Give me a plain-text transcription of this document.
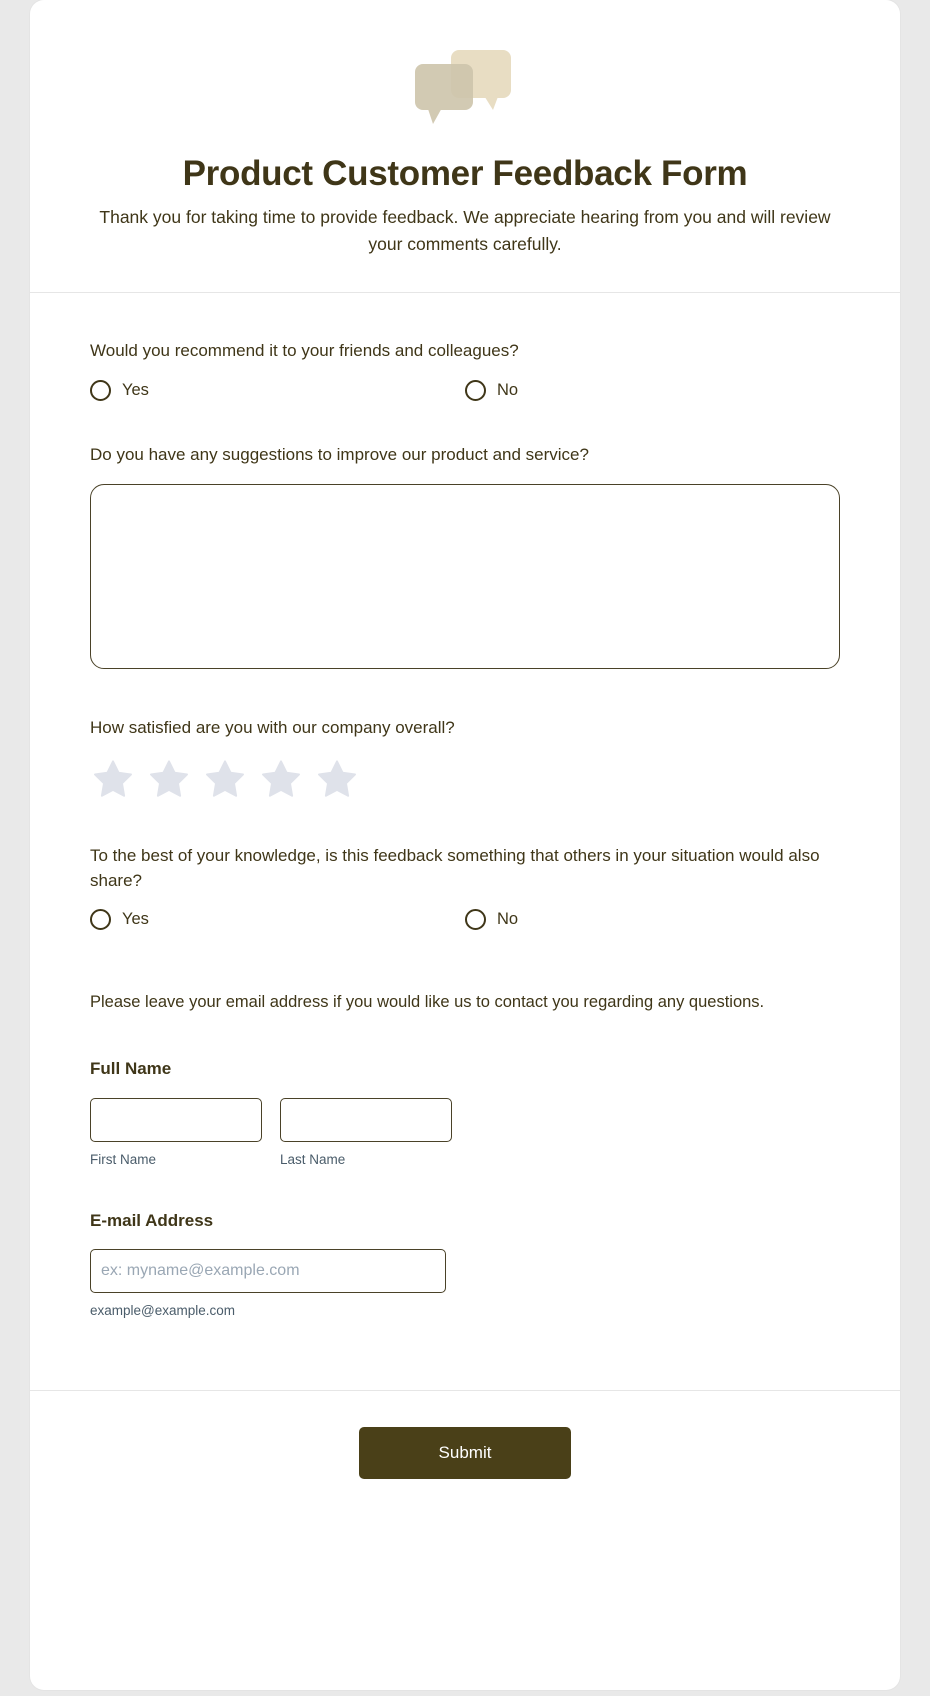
Product Customer Feedback Form

Thank you for taking time to provide feedback. We appreciate hearing from you and will review your comments carefully.

Would you recommend it to your friends and colleagues?
Yes	No
Do you have any suggestions to improve our product and service?
How satisfied are you with our company overall?
To the best of your knowledge, is this feedback something that others in your situation would also share?
Yes	No

Please leave your email address if you would like us to contact you regarding any questions.

Full Name
First Name	Last Name
E-mail Address
ex: myname@example.com
example@example.com
Submit
